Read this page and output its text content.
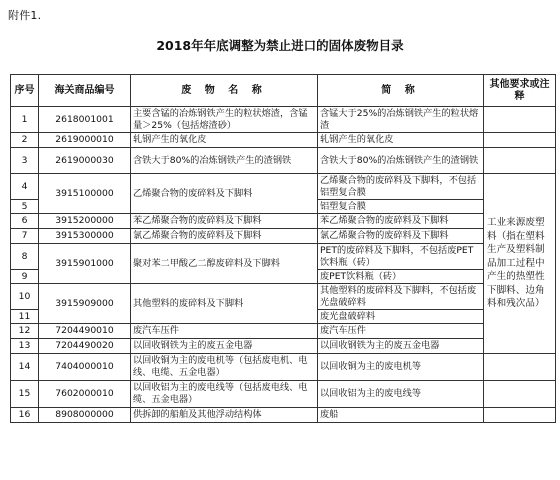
附件1.
2018年年底调整为禁止进口的固体废物目录
序号	海关商品编号	废 物 名 称	简 称	其他要求或注释	
1	2618001001	主要含锰的冶炼钢铁产生的粒状熔渣，含锰量＞25%（包括熔渣砂）	含锰大于25%的冶炼钢铁产生的粒状熔渣		
2	2619000010	轧钢产生的氧化皮	轧钢产生的氧化皮		
3	2619000030	含铁大于80%的冶炼钢铁产生的渣钢铁	含铁大于80%的冶炼钢铁产生的渣钢铁		
4	3915100000	乙烯聚合物的废碎料及下脚料	乙烯聚合物的废碎料及下脚料，不包括铝塑复合膜	工业来源废塑料（指在塑料生产及塑料制品加工过程中产生的热塑性下脚料、边角料和残次品）	
5			铝塑复合膜		
6	3915200000	苯乙烯聚合物的废碎料及下脚料	苯乙烯聚合物的废碎料及下脚料		
7	3915300000	氯乙烯聚合物的废碎料及下脚料	氯乙烯聚合物的废碎料及下脚料		
8	3915901000	聚对苯二甲酸乙二醇废碎料及下脚料	PET的废碎料及下脚料，不包括废PET饮料瓶（砖）		
9			废PET饮料瓶（砖）		
10	3915909000	其他塑料的废碎料及下脚料	其他塑料的废碎料及下脚料，不包括废光盘破碎料		
11			废光盘破碎料		
12	7204490010	废汽车压件	废汽车压件		
13	7204490020	以回收钢铁为主的废五金电器	以回收钢铁为主的废五金电器		
14	7404000010	以回收铜为主的废电机等（包括废电机、电线、电缆、五金电器）	以回收铜为主的废电机等		
15	7602000010	以回收铝为主的废电线等（包括废电线、电缆、五金电器）	以回收铝为主的废电线等		
16	8908000000	供拆卸的船舶及其他浮动结构体	废船		
